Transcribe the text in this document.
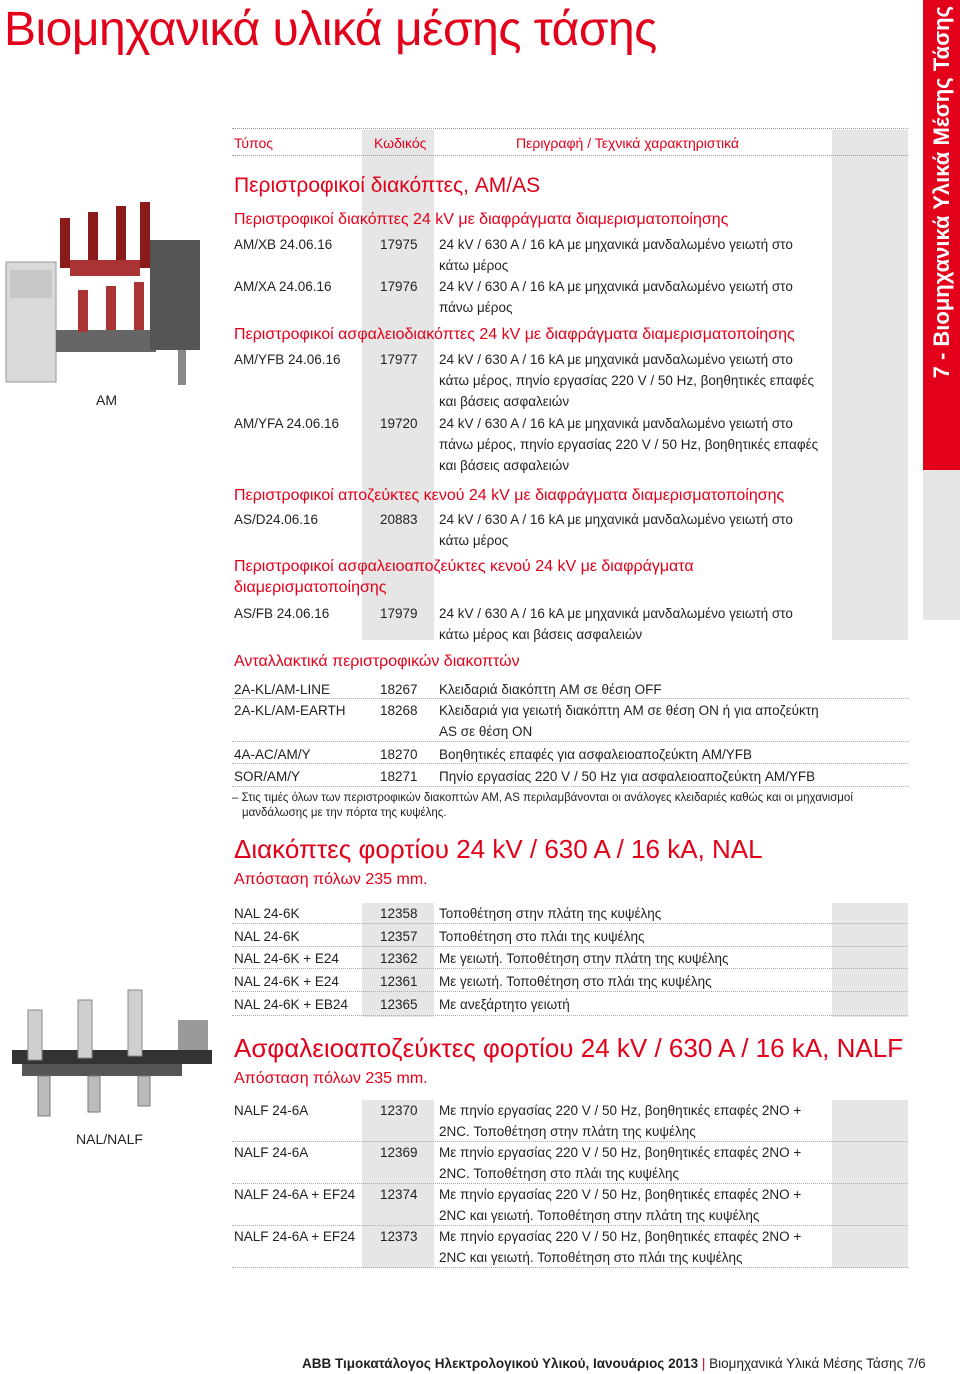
Βιομηχανικά υλικά μέσης τάσης	7 - Βιομηχανικά Υλικά Μέσης Τάσης
Τύπος	Κωδικός	Περιγραφή / Τεχνικά χαρακτηριστικά
AM
NAL/NALF
Περιστροφικοί διακόπτες, AM/AS
Περιστροφικοί διακόπτες 24 kV με διαφράγματα διαμερισματοποίησης
Περιστροφικοί ασφαλειοδιακόπτες 24 kV με διαφράγματα διαμερισματοποίησης
Περιστροφικοί αποζεύκτες κενού 24 kV με διαφράγματα διαμερισματοποίησης
Περιστροφικοί ασφαλειοαποζεύκτες κενού 24 kV με διαφράγματα
διαμερισματοποίησης
Ανταλλακτικά περιστροφικών διακοπτών
Διακόπτες φορτίου 24 kV / 630 A / 16 kA, NAL
Απόσταση πόλων 235 mm.
Ασφαλειοαποζεύκτες φορτίου 24 kV / 630 A / 16 kA, NALF
Απόσταση πόλων 235 mm.
AM/XB 24.06.16	17975 24 kV / 630 A / 16 kA με μηχανικά μανδαλωμένο γειωτή στο
κάτω μέρος
AM/XA 24.06.16	17976 24 kV / 630 A / 16 kA με μηχανικά μανδαλωμένο γειωτή στο
πάνω μέρος
AM/YFB 24.06.16	17977 24 kV / 630 A / 16 kA με μηχανικά μανδαλωμένο γειωτή στο
κάτω μέρος, πηνίο εργασίας 220 V / 50 Hz, βοηθητικές επαφές
και βάσεις ασφαλειών
AM/YFA 24.06.16	19720 24 kV / 630 A / 16 kA με μηχανικά μανδαλωμένο γειωτή στο
πάνω μέρος, πηνίο εργασίας 220 V / 50 Hz, βοηθητικές επαφές
και βάσεις ασφαλειών
AS/D24.06.16	20883 24 kV / 630 A / 16 kA με μηχανικά μανδαλωμένο γειωτή στο
κάτω μέρος
AS/FB 24.06.16	17979 24 kV / 630 A / 16 kA με μηχανικά μανδαλωμένο γειωτή στο
κάτω μέρος και βάσεις ασφαλειών
2A-KL/AM-LINE	18267 Κλειδαριά διακόπτη AM σε θέση OFF
2A-KL/AM-EARTH	18268 Κλειδαριά για γειωτή διακόπτη AM σε θέση ON ή για αποζεύκτη
AS σε θέση ON
4A-AC/AM/Y	18270 Βοηθητικές επαφές για ασφαλειοαποζεύκτη AM/YFB
SOR/AM/Y	18271 Πηνίο εργασίας 220 V / 50 Hz για ασφαλειοαποζεύκτη AM/YFB
– Στις τιμές όλων των περιστροφικών διακοπτών AM, AS περιλαμβάνονται οι ανάλογες κλειδαριές καθώς και οι μηχανισμοί
μανδάλωσης με την πόρτα της κυψέλης.
NAL 24-6K	12358 Τοποθέτηση στην πλάτη της κυψέλης
NAL 24-6K	12357 Τοποθέτηση στο πλάι της κυψέλης
NAL 24-6K + E24	12362 Με γειωτή. Τοποθέτηση στην πλάτη της κυψέλης
NAL 24-6K + E24	12361 Με γειωτή. Τοποθέτηση στο πλάι της κυψέλης
NAL 24-6K + EB24 12365 Με ανεξάρτητο γειωτή
NALF 24-6A	12370 Με πηνίο εργασίας 220 V / 50 Hz, βοηθητικές επαφές 2NO +
2NC. Τοποθέτηση στην πλάτη της κυψέλης
NALF 24-6A	12369 Με πηνίο εργασίας 220 V / 50 Hz, βοηθητικές επαφές 2NO +
2NC. Τοποθέτηση στο πλάι της κυψέλης
NALF 24-6A + EF24 12374 Με πηνίο εργασίας 220 V / 50 Hz, βοηθητικές επαφές 2NO +
2NC και γειωτή. Τοποθέτηση στην πλάτη της κυψέλης
NALF 24-6A + EF24 12373 Με πηνίο εργασίας 220 V / 50 Hz, βοηθητικές επαφές 2NO +
2NC και γειωτή. Τοποθέτηση στο πλάι της κυψέλης
ABB Τιμοκατάλογος Ηλεκτρολογικού Υλικού, Ιανουάριος 2013 | Βιομηχανικά Υλικά Μέσης Τάσης 7/6
